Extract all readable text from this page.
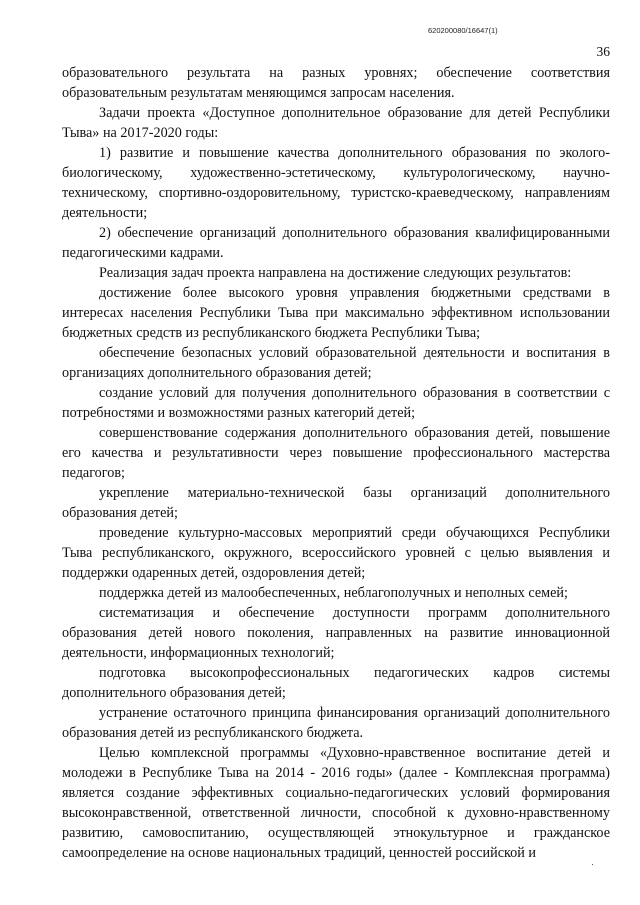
620200080/16647(1)
36

образовательного результата на разных уровнях; обеспечение соответствия образовательным результатам меняющимся запросам населения.

Задачи проекта «Доступное дополнительное образование для детей Республики Тыва» на 2017-2020 годы:

1) развитие и повышение качества дополнительного образования по эколого-биологическому, художественно-эстетическому, культурологическому, научно-техническому, спортивно-оздоровительному, туристско-краеведческому, направлениям деятельности;

2) обеспечение организаций дополнительного образования квалифицированными педагогическими кадрами.

Реализация задач проекта направлена на достижение следующих результатов:

достижение более высокого уровня управления бюджетными средствами в интересах населения Республики Тыва при максимально эффективном использовании бюджетных средств из республиканского бюджета Республики Тыва;

обеспечение безопасных условий образовательной деятельности и воспитания в организациях дополнительного образования детей;

создание условий для получения дополнительного образования в соответствии с потребностями и возможностями разных категорий детей;

совершенствование содержания дополнительного образования детей, повышение его качества и результативности через повышение профессионального мастерства педагогов;

укрепление материально-технической базы организаций дополнительного образования детей;

проведение культурно-массовых мероприятий среди обучающихся Республики Тыва республиканского, окружного, всероссийского уровней с целью выявления и поддержки одаренных детей, оздоровления детей;

поддержка детей из малообеспеченных, неблагополучных и неполных семей;

систематизация и обеспечение доступности программ дополнительного образования детей нового поколения, направленных на развитие инновационной деятельности, информационных технологий;

подготовка высокопрофессиональных педагогических кадров системы дополнительного образования детей;

устранение остаточного принципа финансирования организаций дополнительного образования детей из республиканского бюджета.

Целью комплексной программы «Духовно-нравственное воспитание детей и молодежи в Республике Тыва на 2014 - 2016 годы» (далее - Комплексная программа) является создание эффективных социально-педагогических условий формирования высоконравственной, ответственной личности, способной к духовно-нравственному развитию, самовоспитанию, осуществляющей этнокультурное и гражданское самоопределение на основе национальных традиций, ценностей российской и
